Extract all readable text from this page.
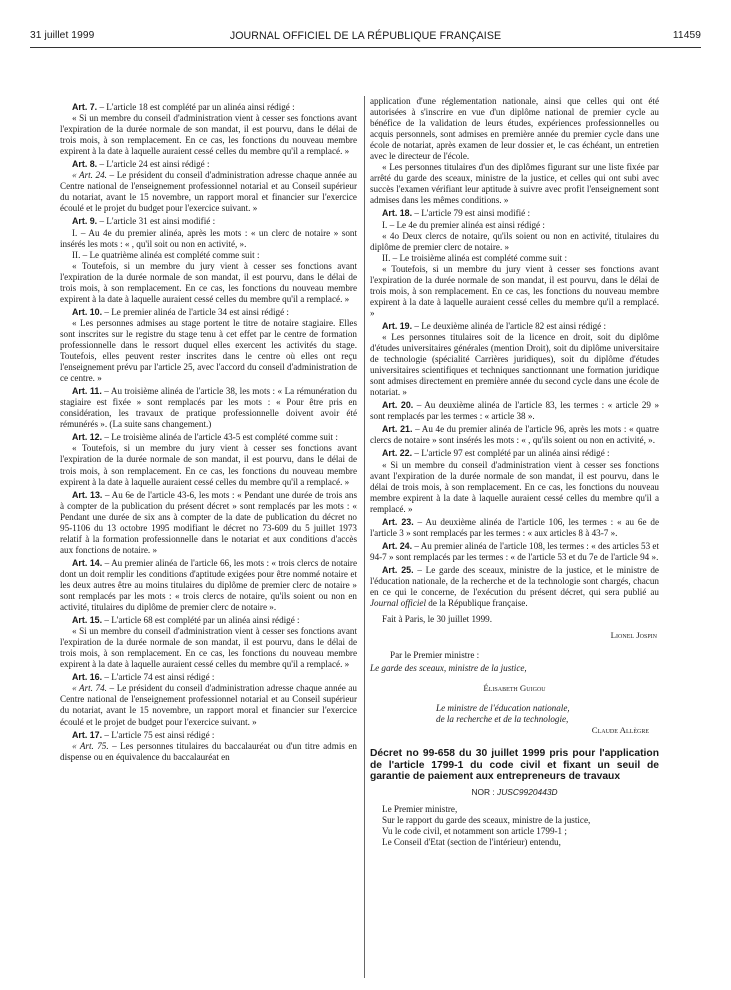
31 juillet 1999	JOURNAL OFFICIEL DE LA RÉPUBLIQUE FRANÇAISE	11459

Art. 7. – L'article 18 est complété par un alinéa ainsi rédigé :

« Si un membre du conseil d'administration vient à cesser ses fonctions avant l'expiration de la durée normale de son mandat, il est pourvu, dans le délai de trois mois, à son remplacement. En ce cas, les fonctions du nouveau membre expirent à la date à laquelle auraient cessé celles du membre qu'il a remplacé. »

Art. 8. – L'article 24 est ainsi rédigé :

« Art. 24. – Le président du conseil d'administration adresse chaque année au Centre national de l'enseignement professionnel notarial et au Conseil supérieur du notariat, avant le 15 novembre, un rapport moral et financier sur l'exercice écoulé et le projet du budget pour l'exercice suivant. »

Art. 9. – L'article 31 est ainsi modifié :

I. – Au 4e du premier alinéa, après les mots : « un clerc de notaire » sont insérés les mots : « , qu'il soit ou non en activité, ».

II. – Le quatrième alinéa est complété comme suit :

« Toutefois, si un membre du jury vient à cesser ses fonctions avant l'expiration de la durée normale de son mandat, il est pourvu, dans le délai de trois mois, à son remplacement. En ce cas, les fonctions du nouveau membre expirent à la date à laquelle auraient cessé celles du membre qu'il a remplacé. »

Art. 10. – Le premier alinéa de l'article 34 est ainsi rédigé :

« Les personnes admises au stage portent le titre de notaire stagiaire. Elles sont inscrites sur le registre du stage tenu à cet effet par le centre de formation professionnelle dans le ressort duquel elles exercent les activités du stage. Toutefois, elles peuvent rester inscrites dans le centre où elles ont reçu l'enseignement prévu par l'article 25, avec l'accord du conseil d'administration de ce centre. »

Art. 11. – Au troisième alinéa de l'article 38, les mots : « La rémunération du stagiaire est fixée » sont remplacés par les mots : « Pour être pris en considération, les travaux de pratique professionnelle doivent avoir été rémunérés ». (La suite sans changement.)

Art. 12. – Le troisième alinéa de l'article 43-5 est complété comme suit :

« Toutefois, si un membre du jury vient à cesser ses fonctions avant l'expiration de la durée normale de son mandat, il est pourvu, dans le délai de trois mois, à son remplacement. En ce cas, les fonctions du nouveau membre expirent à la date à laquelle auraient cessé celles du membre qu'il a remplacé. »

Art. 13. – Au 6e de l'article 43-6, les mots : « Pendant une durée de trois ans à compter de la publication du présent décret » sont remplacés par les mots : « Pendant une durée de six ans à compter de la date de publication du décret no 95-1106 du 13 octobre 1995 modifiant le décret no 73-609 du 5 juillet 1973 relatif à la formation professionnelle dans le notariat et aux conditions d'accès aux fonctions de notaire. »

Art. 14. – Au premier alinéa de l'article 66, les mots : « trois clercs de notaire dont un doit remplir les conditions d'aptitude exigées pour être nommé notaire et les deux autres être au moins titulaires du diplôme de premier clerc de notaire » sont remplacés par les mots : « trois clercs de notaire, qu'ils soient ou non en activité, titulaires du diplôme de premier clerc de notaire ».

Art. 15. – L'article 68 est complété par un alinéa ainsi rédigé :

« Si un membre du conseil d'administration vient à cesser ses fonctions avant l'expiration de la durée normale de son mandat, il est pourvu, dans le délai de trois mois, à son remplacement. En ce cas, les fonctions du nouveau membre expirent à la date à laquelle auraient cessé celles du membre qu'il a remplacé. »

Art. 16. – L'article 74 est ainsi rédigé :

« Art. 74. – Le président du conseil d'administration adresse chaque année au Centre national de l'enseignement professionnel notarial et au Conseil supérieur du notariat, avant le 15 novembre, un rapport moral et financier sur l'exercice écoulé et le projet de budget pour l'exercice suivant. »

Art. 17. – L'article 75 est ainsi rédigé :

« Art. 75. – Les personnes titulaires du baccalauréat ou d'un titre admis en dispense ou en équivalence du baccalauréat en

application d'une réglementation nationale, ainsi que celles qui ont été autorisées à s'inscrire en vue d'un diplôme national de premier cycle au bénéfice de la validation de leurs études, expériences professionnelles ou acquis personnels, sont admises en première année du premier cycle dans une école de notariat, après examen de leur dossier et, le cas échéant, un entretien avec le directeur de l'école.

« Les personnes titulaires d'un des diplômes figurant sur une liste fixée par arrêté du garde des sceaux, ministre de la justice, et celles qui ont subi avec succès l'examen vérifiant leur aptitude à suivre avec profit l'enseignement sont admises dans les mêmes conditions. »

Art. 18. – L'article 79 est ainsi modifié :

I. – Le 4e du premier alinéa est ainsi rédigé :

« 4o Deux clercs de notaire, qu'ils soient ou non en activité, titulaires du diplôme de premier clerc de notaire. »

II. – Le troisième alinéa est complété comme suit :

« Toutefois, si un membre du jury vient à cesser ses fonctions avant l'expiration de la durée normale de son mandat, il est pourvu, dans le délai de trois mois, à son remplacement. En ce cas, les fonctions du nouveau membre expirent à la date à laquelle auraient cessé celles du membre qu'il a remplacé. »

Art. 19. – Le deuxième alinéa de l'article 82 est ainsi rédigé :

« Les personnes titulaires soit de la licence en droit, soit du diplôme d'études universitaires générales (mention Droit), soit du diplôme universitaire de technologie (spécialité Carrières juridiques), soit du diplôme d'études universitaires scientifiques et techniques sanctionnant une formation juridique sont admises directement en première année du second cycle dans une école de notariat. »

Art. 20. – Au deuxième alinéa de l'article 83, les termes : « article 29 » sont remplacés par les termes : « article 38 ».

Art. 21. – Au 4e du premier alinéa de l'article 96, après les mots : « quatre clercs de notaire » sont insérés les mots : « , qu'ils soient ou non en activité, ».

Art. 22. – L'article 97 est complété par un alinéa ainsi rédigé :

« Si un membre du conseil d'administration vient à cesser ses fonctions avant l'expiration de la durée normale de son mandat, il est pourvu, dans le délai de trois mois, à son remplacement. En ce cas, les fonctions du nouveau membre expirent à la date à laquelle auraient cessé celles du membre qu'il a remplacé. »

Art. 23. – Au deuxième alinéa de l'article 106, les termes : « au 6e de l'article 3 » sont remplacés par les termes : « aux articles 8 à 43-7 ».

Art. 24. – Au premier alinéa de l'article 108, les termes : « des articles 53 et 94-7 » sont remplacés par les termes : « de l'article 53 et du 7e de l'article 94 ».

Art. 25. – Le garde des sceaux, ministre de la justice, et le ministre de l'éducation nationale, de la recherche et de la technologie sont chargés, chacun en ce qui le concerne, de l'exécution du présent décret, qui sera publié au Journal officiel de la République française.

Fait à Paris, le 30 juillet 1999.

Lionel Jospin

Par le Premier ministre :

Le garde des sceaux, ministre de la justice,

Élisabeth Guigou

Le ministre de l'éducation nationale,
de la recherche et de la technologie,
Claude Allègre
Décret no 99-658 du 30 juillet 1999 pris pour l'application de l'article 1799-1 du code civil et fixant un seuil de garantie de paiement aux entrepreneurs de travaux
NOR : JUSC9920443D

Le Premier ministre,

Sur le rapport du garde des sceaux, ministre de la justice,

Vu le code civil, et notamment son article 1799-1 ;

Le Conseil d'Etat (section de l'intérieur) entendu,
